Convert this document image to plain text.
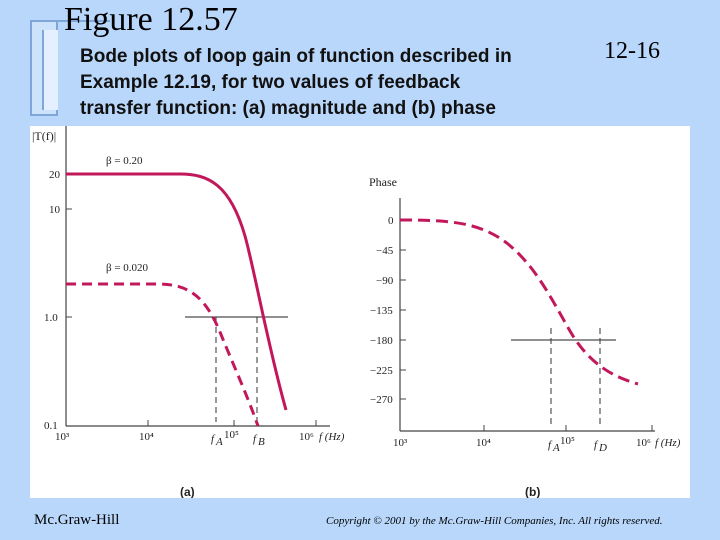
Figure 12.57
12-16
Bode plots of loop gain of function described in
Example 12.19, for two values of feedback
transfer function: (a) magnitude and (b) phase
|T(f)|
20
10
1.0
0.1
10³	10⁴	f A
10⁵ f B	10⁶ f (Hz)
β = 0.20
β = 0.020
(a)
Phase
0
−45
−90
−135
−180
−225
−270
10³	10⁴	f A
10⁵ f D	10⁶ f (Hz)
(b)
Mc.Graw-Hill	Copyright © 2001 by the Mc.Graw-Hill Companies, Inc. All rights reserved.
